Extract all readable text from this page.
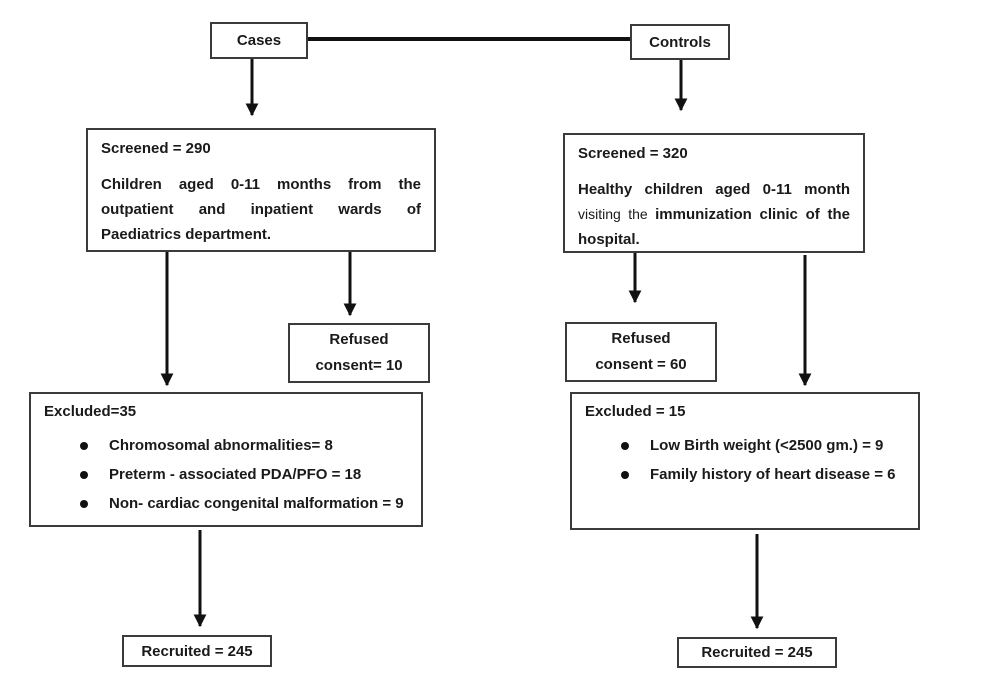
Cases	Controls
Screened = 290
Children aged 0-11 months from the outpatient and inpatient wards of Paediatrics department.
Screened = 320
Healthy children aged 0-11 month visiting the immunization clinic of the hospital.
Refused
consent= 10
Refused
consent = 60
Excluded=35
Chromosomal abnormalities= 8
Preterm - associated PDA/PFO = 18
Non- cardiac congenital malformation = 9
Excluded = 15
Low Birth weight (<2500 gm.) = 9
Family history of heart disease = 6
Recruited = 245	Recruited = 245
